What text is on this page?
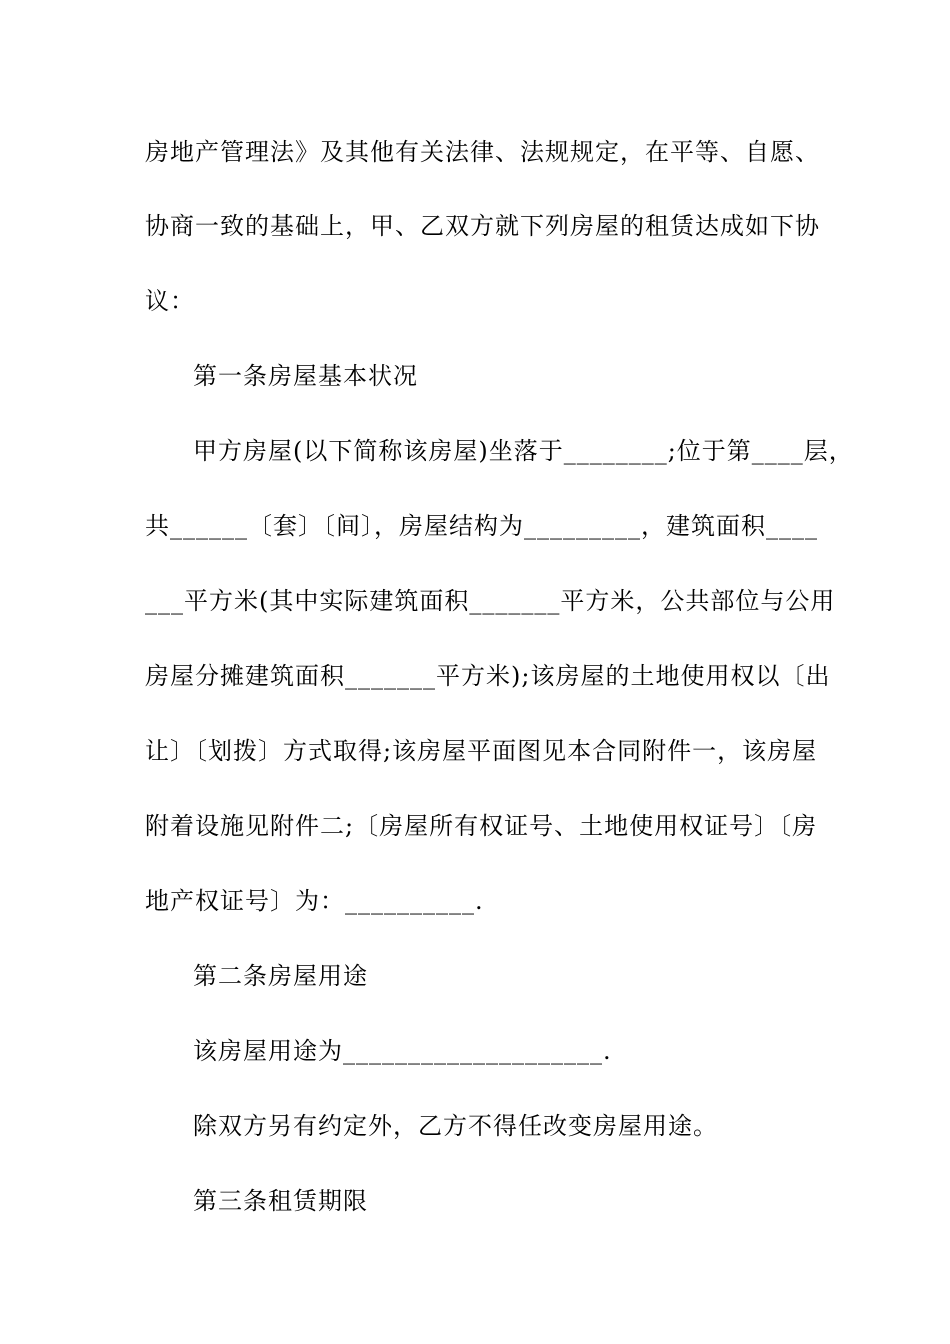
房地产管理法》及其他有关法律、法规规定，在平等、自愿、
协商一致的基础上，甲、乙双方就下列房屋的租赁达成如下协
议：
第一条房屋基本状况
甲方房屋(以下简称该房屋)坐落于________;位于第____层，
共______〔套〕〔间〕，房屋结构为_________，建筑面积____
___平方米(其中实际建筑面积_______平方米，公共部位与公用
房屋分摊建筑面积_______平方米);该房屋的土地使用权以〔出
让〕〔划拨〕方式取得;该房屋平面图见本合同附件一，该房屋
附着设施见附件二;〔房屋所有权证号、土地使用权证号〕〔房
地产权证号〕为：__________.
第二条房屋用途
该房屋用途为____________________.
除双方另有约定外，乙方不得任改变房屋用途。
第三条租赁期限
